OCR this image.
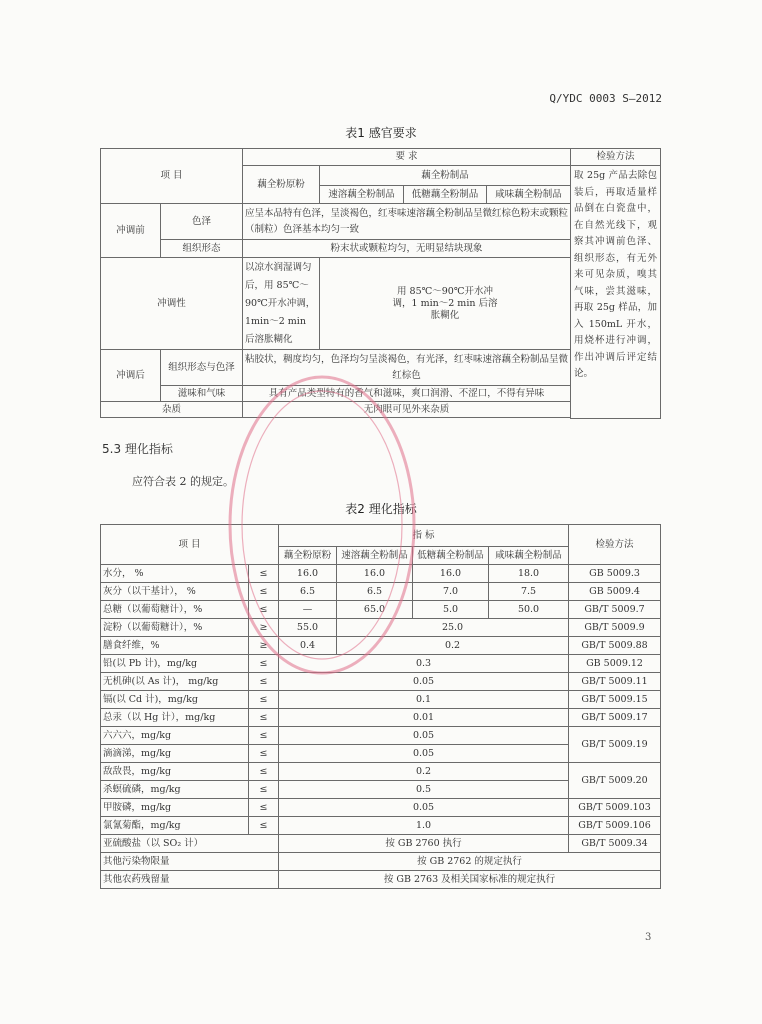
Q/YDC 0003 S—2012
表1 感官要求
项 目		要 求				检验方法
		藕全粉原粉	藕全粉制品			取 25g 产品去除包装后，再取适量样品倒在白瓷盘中，在自然光线下，观察其冲调前色泽、组织形态，有无外来可见杂质，嗅其气味，尝其滋味，再取 25g 样品，加入 150mL 开水，用烧杯进行冲调，作出冲调后评定结论。
			速溶藕全粉制品	低糖藕全粉制品	咸味藕全粉制品	
冲调前	色泽	应呈本品特有色泽，呈淡褐色，红枣味速溶藕全粉制品呈微红棕色粉末或颗粒（制粒）色泽基本均匀一致				
	组织形态	粉末状或颗粒均匀，无明显结块现象				
冲调性		以凉水润湿调匀后，用 85℃～90℃开水冲调，1min～2 min 后溶胀糊化	用 85℃～90℃开水冲调，1 min～2 min 后溶胀糊化			
冲调后	组织形态与色泽	粘胶状，稠度均匀，色泽均匀呈淡褐色，有光泽，红枣味速溶藕全粉制品呈微红棕色				
	滋味和气味	具有产品类型特有的香气和滋味，爽口润滑、不涩口，不得有异味				
杂质		无肉眼可见外来杂质				

5.3 理化指标
应符合表 2 的规定。
表2 理化指标
项 目		指 标				检验方法
		藕全粉原粉	速溶藕全粉制品	低糖藕全粉制品	咸味藕全粉制品	
水分， %	≤	16.0	16.0	16.0	18.0	GB 5009.3
灰分（以干基计）， %	≤	6.5	6.5	7.0	7.5	GB 5009.4
总糖（以葡萄糖计），%	≤	—	65.0	5.0	50.0	GB/T 5009.7
淀粉（以葡萄糖计），%	≥	55.0	25.0			GB/T 5009.9
膳食纤维，%	≥	0.4	0.2			GB/T 5009.88
铅(以 Pb 计)，mg/kg	≤	0.3				GB 5009.12
无机砷(以 As 计)， mg/kg	≤	0.05				GB/T 5009.11
镉(以 Cd 计)，mg/kg	≤	0.1				GB/T 5009.15
总汞（以 Hg 计），mg/kg	≤	0.01				GB/T 5009.17
六六六，mg/kg	≤	0.05				GB/T 5009.19
滴滴涕，mg/kg	≤	0.05				
敌敌畏，mg/kg	≤	0.2				GB/T 5009.20
杀螟硫磷，mg/kg	≤	0.5				
甲胺磷，mg/kg	≤	0.05				GB/T 5009.103
氯氰菊酯，mg/kg	≤	1.0				GB/T 5009.106
亚硫酸盐（以 SO₂ 计）		按 GB 2760 执行				GB/T 5009.34
其他污染物限量		按 GB 2762 的规定执行				
其他农药残留量		按 GB 2763 及相关国家标准的规定执行				
3
